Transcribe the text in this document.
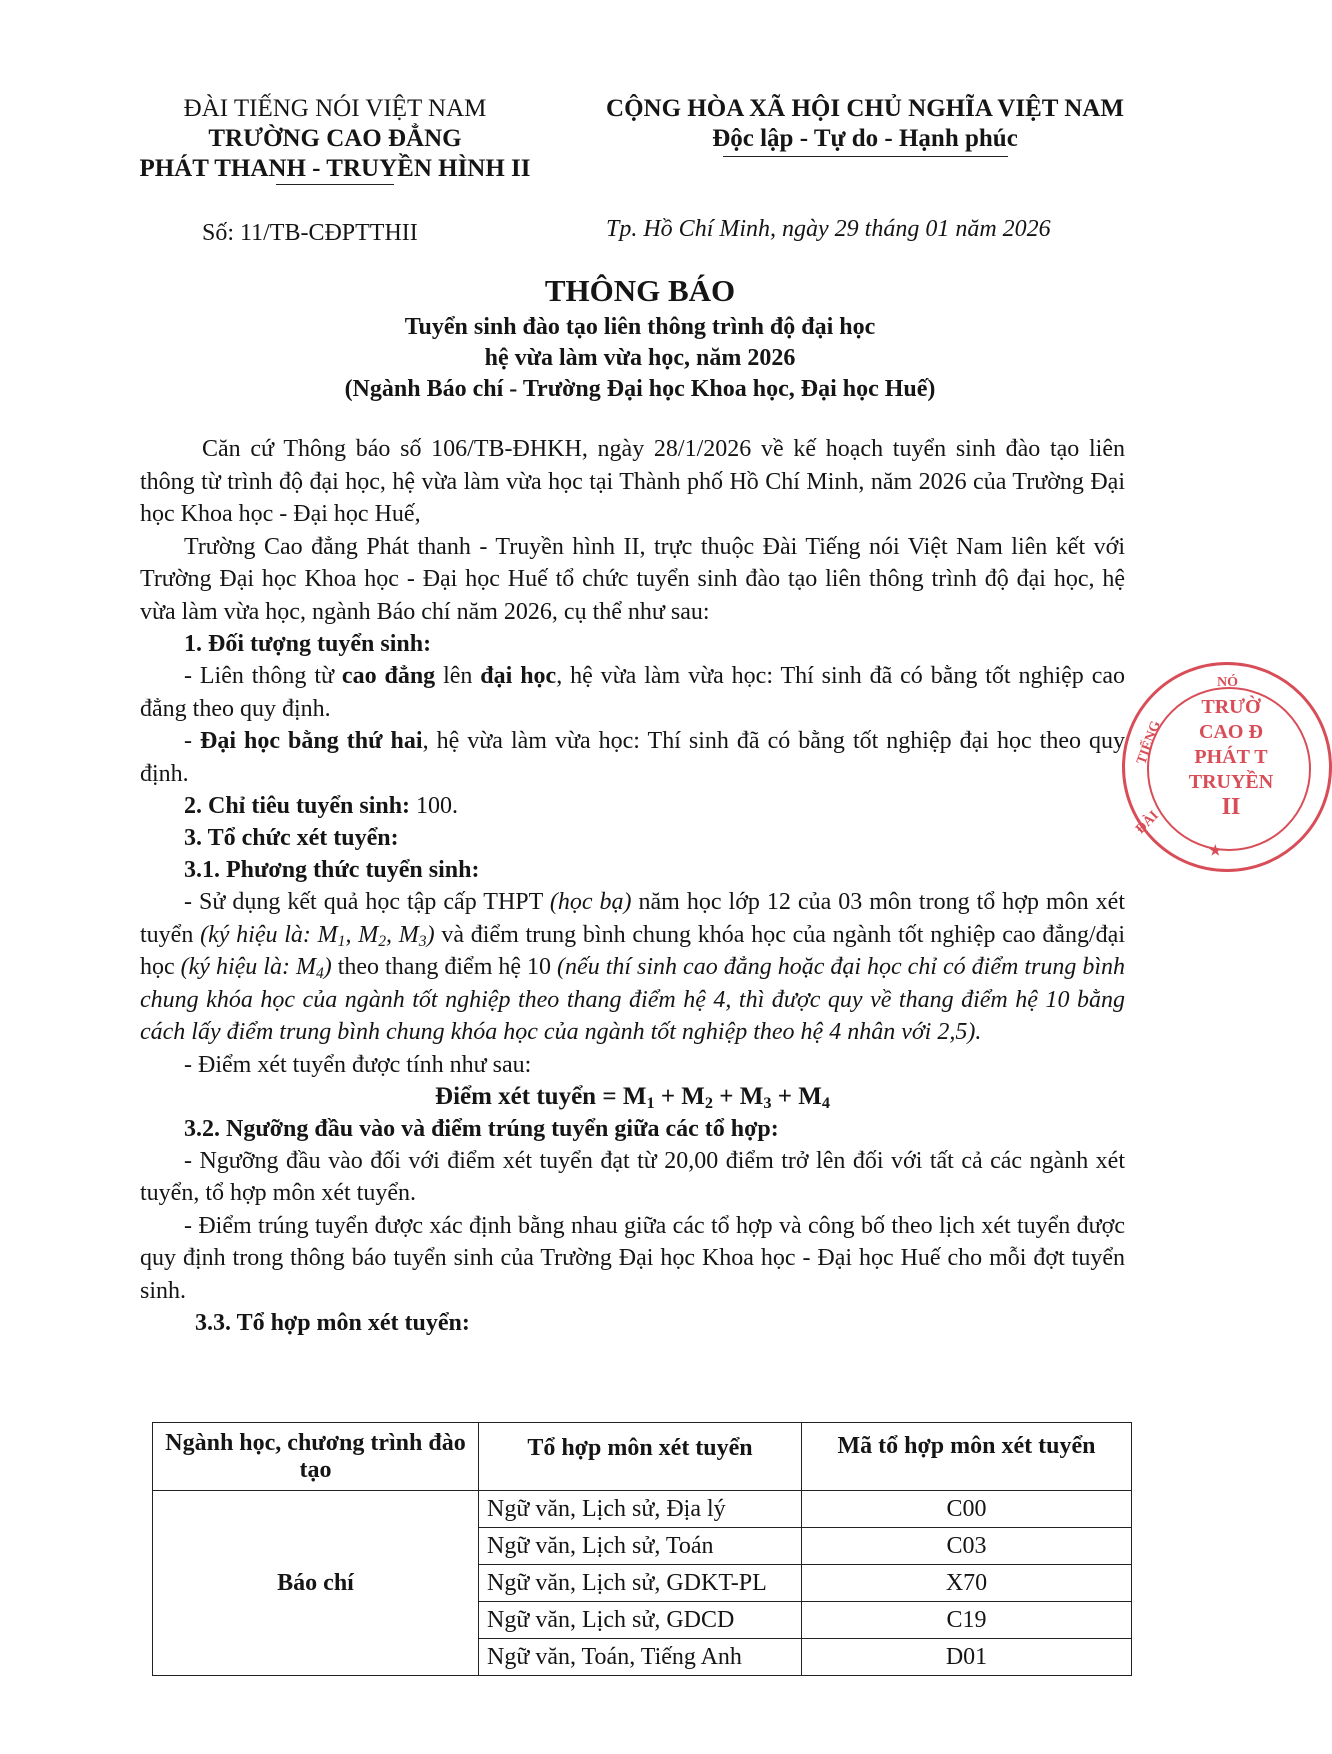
ĐÀI TIẾNG NÓI VIỆT NAM
TRƯỜNG CAO ĐẲNG
PHÁT THANH - TRUYỀN HÌNH II
CỘNG HÒA XÃ HỘI CHỦ NGHĨA VIỆT NAM
Độc lập - Tự do - Hạnh phúc
Số: 11/TB-CĐPTTHII	Tp. Hồ Chí Minh, ngày 29 tháng 01 năm 2026
THÔNG BÁO
Tuyển sinh đào tạo liên thông trình độ đại học
hệ vừa làm vừa học, năm 2026
(Ngành Báo chí - Trường Đại học Khoa học, Đại học Huế)
Căn cứ Thông báo số 106/TB-ĐHKH, ngày 28/1/2026 về kế hoạch tuyển sinh đào tạo liên thông từ trình độ đại học, hệ vừa làm vừa học tại Thành phố Hồ Chí Minh, năm 2026 của Trường Đại học Khoa học - Đại học Huế,
Trường Cao đẳng Phát thanh - Truyền hình II, trực thuộc Đài Tiếng nói Việt Nam liên kết với Trường Đại học Khoa học - Đại học Huế tổ chức tuyển sinh đào tạo liên thông trình độ đại học, hệ vừa làm vừa học, ngành Báo chí năm 2026, cụ thể như sau:
1. Đối tượng tuyển sinh:
- Liên thông từ cao đẳng lên đại học, hệ vừa làm vừa học: Thí sinh đã có bằng tốt nghiệp cao đẳng theo quy định.
- Đại học bằng thứ hai, hệ vừa làm vừa học: Thí sinh đã có bằng tốt nghiệp đại học theo quy định.
2. Chỉ tiêu tuyển sinh: 100.
3. Tổ chức xét tuyển:
3.1. Phương thức tuyển sinh:
- Sử dụng kết quả học tập cấp THPT (học bạ) năm học lớp 12 của 03 môn trong tổ hợp môn xét tuyển (ký hiệu là: $M_1$, $M_2$, $M_3$) và điểm trung bình chung khóa học của ngành tốt nghiệp cao đẳng/đại học (ký hiệu là: $M_4$) theo thang điểm hệ 10 (nếu thí sinh cao đẳng hoặc đại học chỉ có điểm trung bình chung khóa học của ngành tốt nghiệp theo thang điểm hệ 4, thì được quy về thang điểm hệ 10 bằng cách lấy điểm trung bình chung khóa học của ngành tốt nghiệp theo hệ 4 nhân với 2,5).
- Điểm xét tuyển được tính như sau:
Điểm xét tuyển = $M_1 + M_2 + M_3 + M_4$
3.2. Ngưỡng đầu vào và điểm trúng tuyển giữa các tổ hợp:
- Ngưỡng đầu vào đối với điểm xét tuyển đạt từ 20,00 điểm trở lên đối với tất cả các ngành xét tuyển, tổ hợp môn xét tuyển.
- Điểm trúng tuyển được xác định bằng nhau giữa các tổ hợp và công bố theo lịch xét tuyển được quy định trong thông báo tuyển sinh của Trường Đại học Khoa học - Đại học Huế cho mỗi đợt tuyển sinh.
3.3. Tổ hợp môn xét tuyển:
Ngành học, chương trình đào tạo	Tổ hợp môn xét tuyển	Mã tổ hợp môn xét tuyển
Báo chí	Ngữ văn, Lịch sử, Địa lý	C00
	Ngữ văn, Lịch sử, Toán	C03
	Ngữ văn, Lịch sử, GDKT-PL	X70
	Ngữ văn, Lịch sử, GDCD	C19
	Ngữ văn, Toán, Tiếng Anh	D01
NÓ
TIẾNG
ĐÀI
TRƯỜ
CAO Đ
PHÁT T
TRUYỀN
II
★
